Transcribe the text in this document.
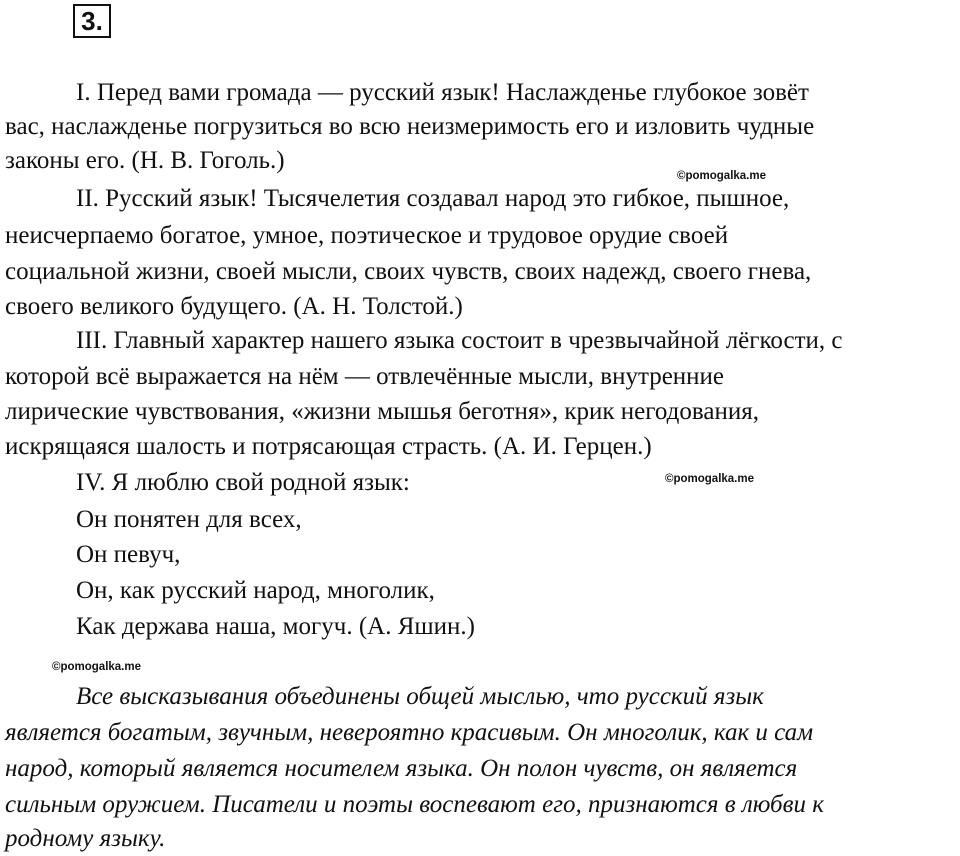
3.
I. Перед вами громада — русский язык! Наслажденье глубокое зовёт
вас, наслажденье погрузиться во всю неизмеримость его и изловить чудные
законы его. (Н. В. Гоголь.)
©pomogalka.me
II. Русский язык! Тысячелетия создавал народ это гибкое, пышное,
неисчерпаемо богатое, умное, поэтическое и трудовое орудие своей
социальной жизни, своей мысли, своих чувств, своих надежд, своего гнева,
своего великого будущего. (А. Н. Толстой.)
III. Главный характер нашего языка состоит в чрезвычайной лёгкости, с
которой всё выражается на нём — отвлечённые мысли, внутренние
лирические чувствования, «жизни мышья беготня», крик негодования,
искрящаяся шалость и потрясающая страсть. (А. И. Герцен.)
IV. Я люблю свой родной язык:	©pomogalka.me
Он понятен для всех,
Он певуч,
Он, как русский народ, многолик,
Как держава наша, могуч. (А. Яшин.)
©pomogalka.me
Все высказывания объединены общей мыслью, что русский язык
является богатым, звучным, невероятно красивым. Он многолик, как и сам
народ, который является носителем языка. Он полон чувств, он является
сильным оружием. Писатели и поэты воспевают его, признаются в любви к
родному языку.
